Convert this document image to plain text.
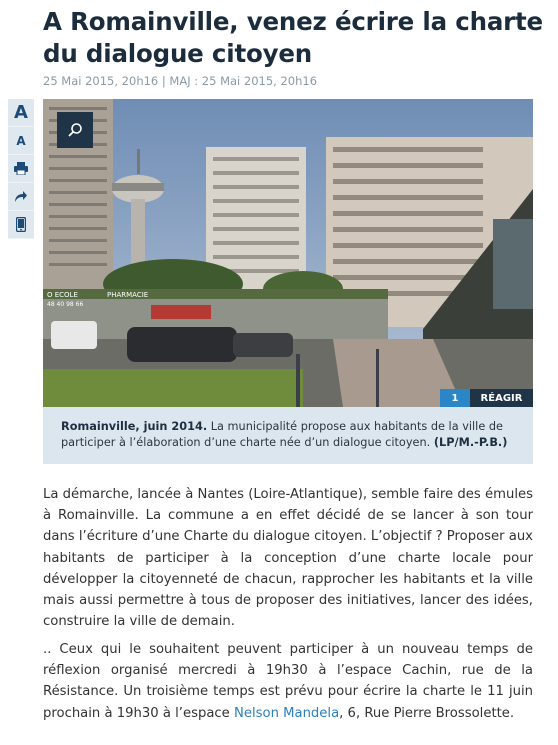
A Romainville, venez écrire la charte du dialogue citoyen

25 Mai 2015, 20h16 | MAJ : 25 Mai 2015, 20h16

A
A
O ECOLE	PHARMACIE
48 40 98 66
1	RÉAGIR
Romainville, juin 2014. La municipalité propose aux habitants de la ville de participer à l’élaboration d’une charte née d’un dialogue citoyen. (LP/M.-P.B.)

La démarche, lancée à Nantes (Loire-Atlantique), semble faire des émules à Romainville. La commune a en effet décidé de se lancer à son tour dans l’écriture d’une Charte du dialogue citoyen. L’objectif ? Proposer aux habitants de participer à la conception d’une charte locale pour développer la citoyenneté de chacun, rapprocher les habitants et la ville mais aussi permettre à tous de proposer des initiatives, lancer des idées, construire la ville de demain.

.. Ceux qui le souhaitent peuvent participer à un nouveau temps de réflexion organisé mercredi à 19h30 à l’espace Cachin, rue de la Résistance. Un troisième temps est prévu pour écrire la charte le 11 juin prochain à 19h30 à l’espace Nelson Mandela, 6, Rue Pierre Brossolette.
